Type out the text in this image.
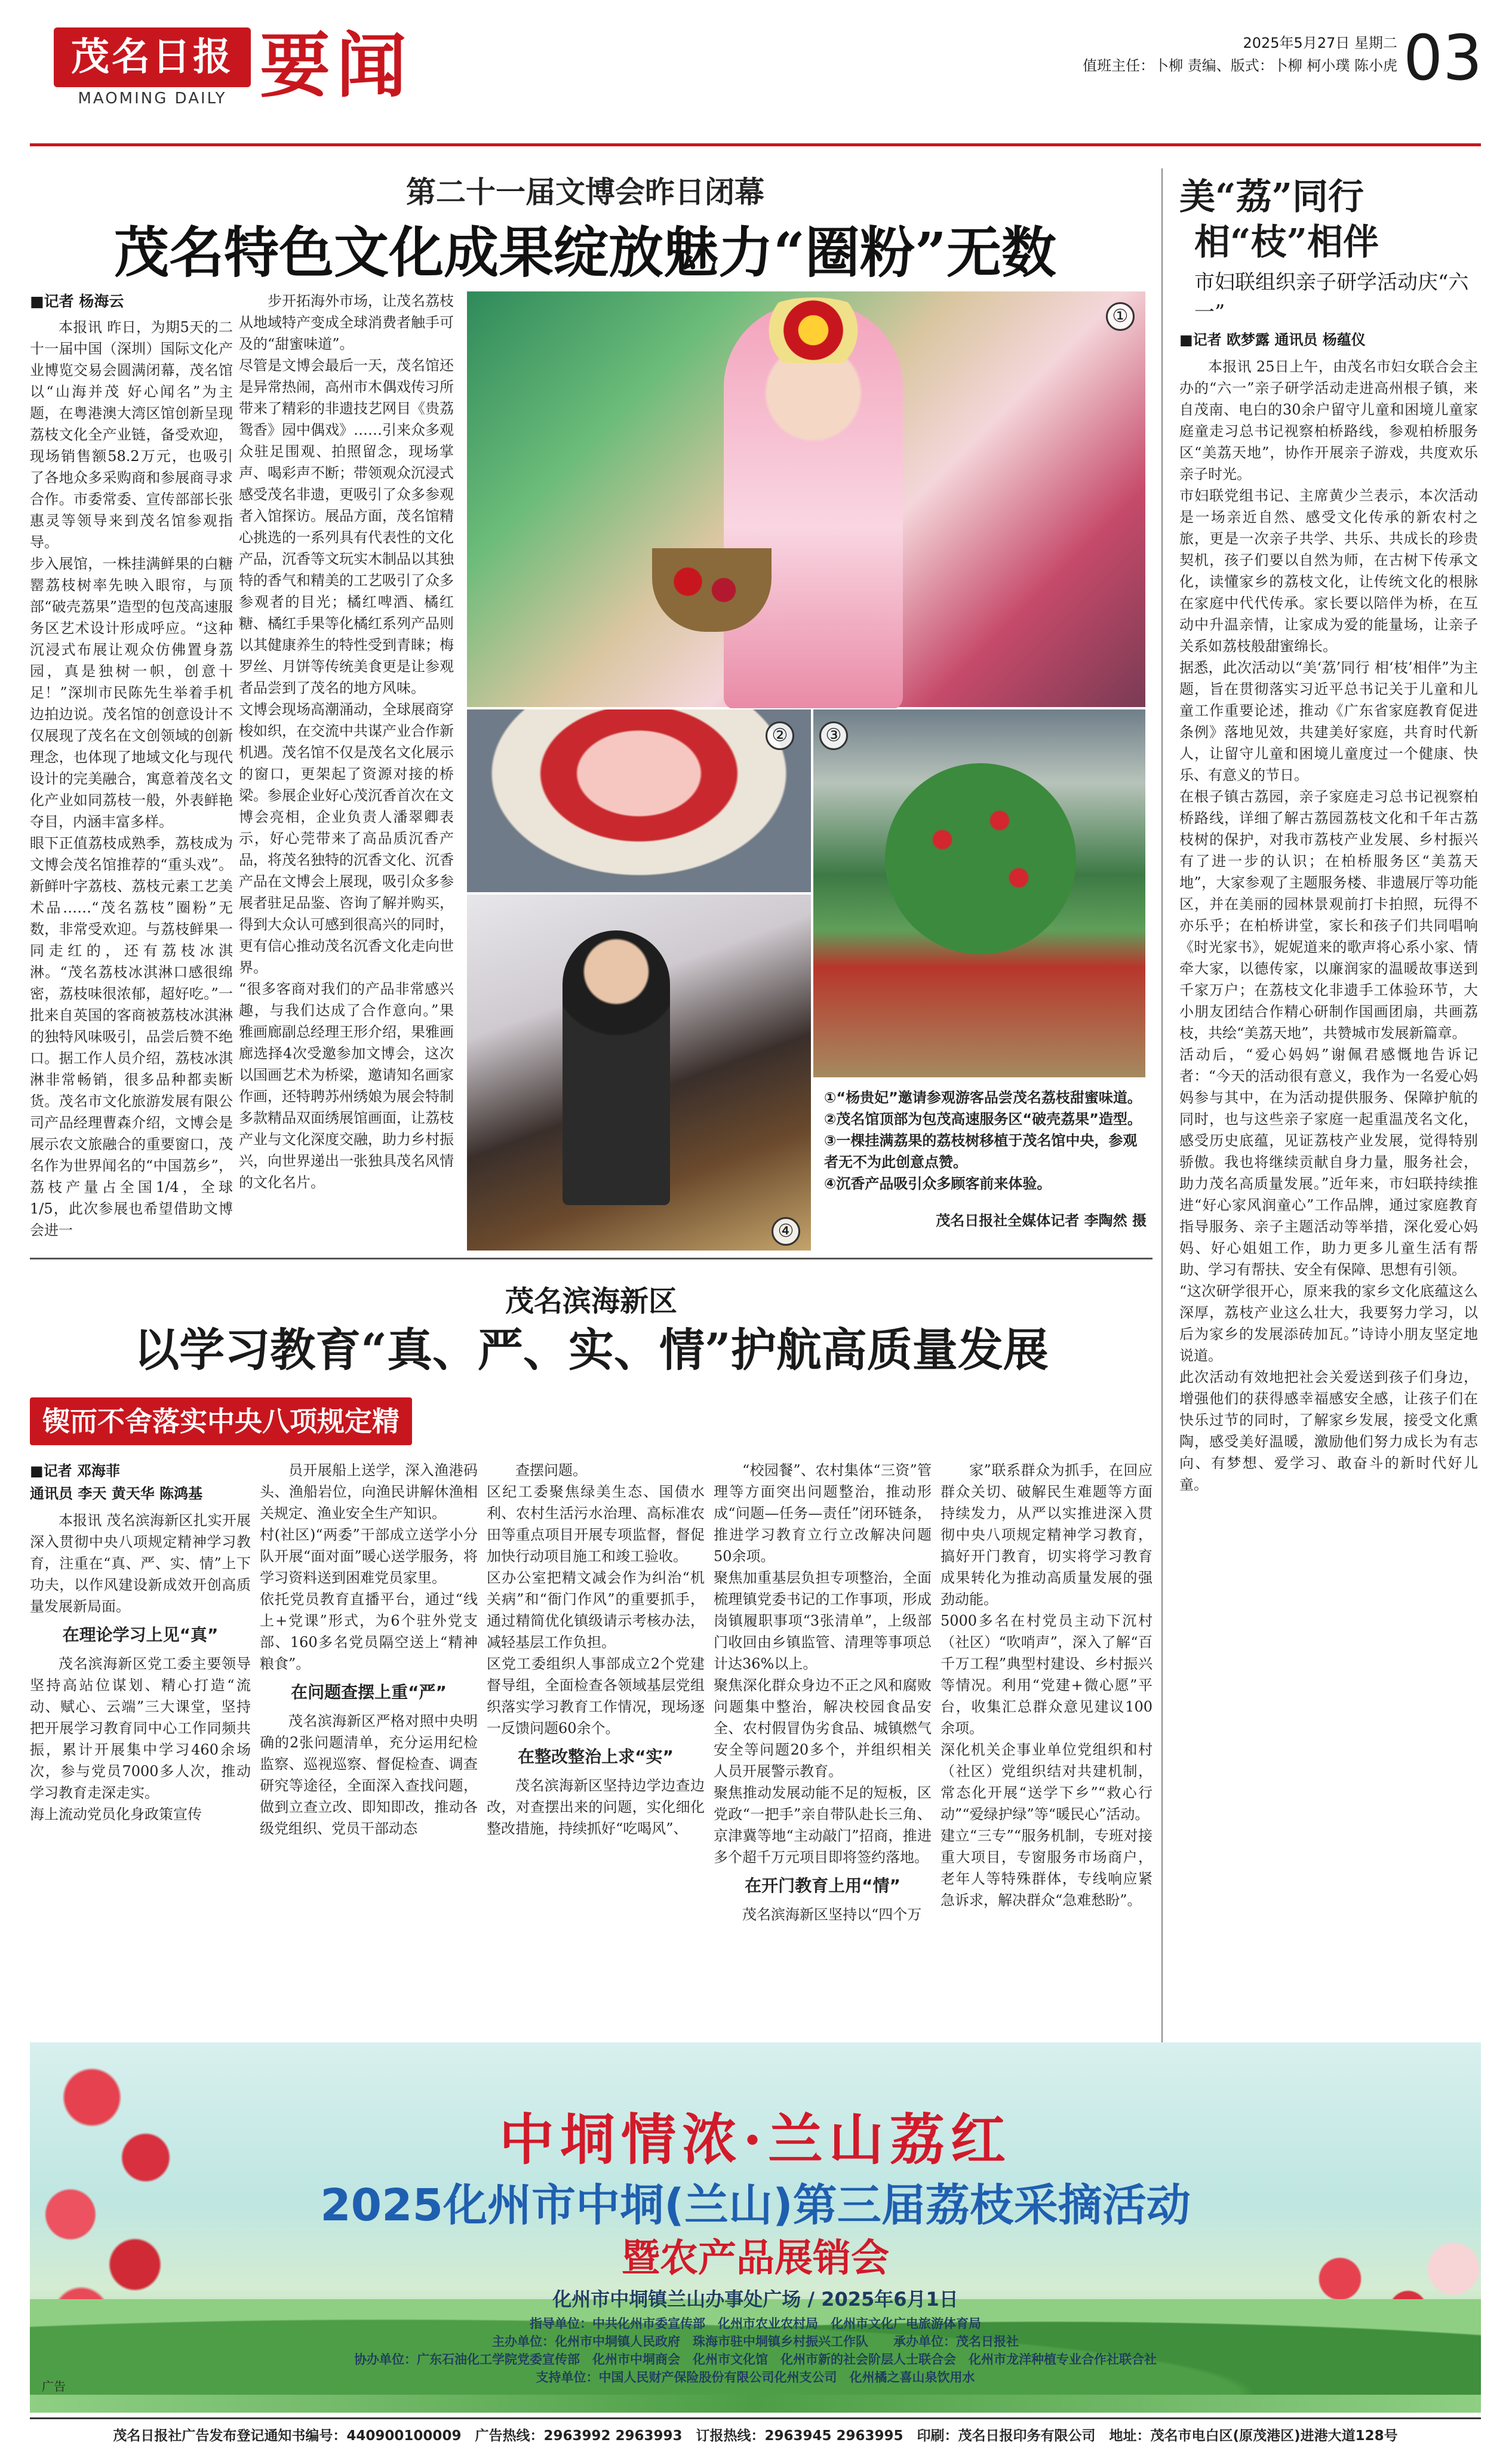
茂名日报
MAOMING DAILY 要闻	2025年5月27日 星期二
值班主任：卜柳 责编、版式：卜柳 柯小璞 陈小虎 03
第二十一届文博会昨日闭幕
茂名特色文化成果绽放魅力“圈粉”无数
■记者 杨海云
本报讯 昨日，为期5天的二十一届中国（深圳）国际文化产业博览交易会圆满闭幕，茂名馆以“山海并茂 好心闻名”为主题，在粤港澳大湾区馆创新呈现荔枝文化全产业链，备受欢迎，现场销售额58.2万元，也吸引了各地众多采购商和参展商寻求合作。市委常委、宣传部部长张惠灵等领导来到茂名馆参观指导。
步入展馆，一株挂满鲜果的白糖罂荔枝树率先映入眼帘，与顶部“破壳荔果”造型的包茂高速服务区艺术设计形成呼应。“这种沉浸式布展让观众仿佛置身荔园，真是独树一帜，创意十足！”深圳市民陈先生举着手机边拍边说。茂名馆的创意设计不仅展现了茂名在文创领域的创新理念，也体现了地域文化与现代设计的完美融合，寓意着茂名文化产业如同荔枝一般，外表鲜艳夺目，内涵丰富多样。
眼下正值荔枝成熟季，荔枝成为文博会茂名馆推荐的“重头戏”。新鲜叶字荔枝、荔枝元素工艺美术品……“茂名荔枝”圈粉”无数，非常受欢迎。与荔枝鲜果一同走红的，还有荔枝冰淇淋。“茂名荔枝冰淇淋口感很绵密，荔枝味很浓郁，超好吃。”一批来自英国的客商被荔枝冰淇淋的独特风味吸引，品尝后赞不绝口。据工作人员介绍，荔枝冰淇淋非常畅销，很多品种都卖断货。茂名市文化旅游发展有限公司产品经理曹森介绍，文博会是展示农文旅融合的重要窗口，茂名作为世界闻名的“中国荔乡”，荔枝产量占全国1/4，全球1/5，此次参展也希望借助文博会进一
步开拓海外市场，让茂名荔枝从地域特产变成全球消费者触手可及的“甜蜜味道”。
尽管是文博会最后一天，茂名馆还是异常热闹，高州市木偶戏传习所带来了精彩的非遗技艺网目《贵荔鸳香》园中偶戏》……引来众多观众驻足围观、拍照留念，现场掌声、喝彩声不断；带领观众沉浸式感受茂名非遗，更吸引了众多参观者入馆探访。展品方面，茂名馆精心挑选的一系列具有代表性的文化产品，沉香等文玩实木制品以其独特的香气和精美的工艺吸引了众多参观者的目光；橘红啤酒、橘红糖、橘红手果等化橘红系列产品则以其健康养生的特性受到青睐；梅罗丝、月饼等传统美食更是让参观者品尝到了茂名的地方风味。
文博会现场高潮涌动，全球展商穿梭如织，在交流中共谋产业合作新机遇。茂名馆不仅是茂名文化展示的窗口，更架起了资源对接的桥梁。参展企业好心茂沉香首次在文博会亮相，企业负责人潘翠卿表示，好心莞带来了高品质沉香产品，将茂名独特的沉香文化、沉香产品在文博会上展现，吸引众多参展者驻足品鉴、咨询了解并购买，得到大众认可感到很高兴的同时，更有信心推动茂名沉香文化走向世界。
“很多客商对我们的产品非常感兴趣，与我们达成了合作意向。”果雅画廊副总经理王形介绍，果雅画廊选择4次受邀参加文博会，这次以国画艺术为桥梁，邀请知名画家作画，还特聘苏州绣娘为展会特制多款精品双面绣展馆画面，让荔枝产业与文化深度交融，助力乡村振兴，向世界递出一张独具茂名风情的文化名片。
①
②	③
④
①“杨贵妃”邀请参观游客品尝茂名荔枝甜蜜味道。
②茂名馆顶部为包茂高速服务区“破壳荔果”造型。
③一棵挂满荔果的荔枝树移植于茂名馆中央，参观者无不为此创意点赞。
④沉香产品吸引众多顾客前来体验。
茂名日报社全媒体记者 李陶然 摄
美“荔”同行
相“枝”相伴
市妇联组织亲子研学活动庆“六一”
■记者 欧梦露 通讯员 杨蕴仪
本报讯 25日上午，由茂名市妇女联合会主办的“六一”亲子研学活动走进高州根子镇，来自茂南、电白的30余户留守儿童和困境儿童家庭童走习总书记视察柏桥路线，参观柏桥服务区“美荔天地”，协作开展亲子游戏，共度欢乐亲子时光。
市妇联党组书记、主席黄少兰表示，本次活动是一场亲近自然、感受文化传承的新农村之旅，更是一次亲子共学、共乐、共成长的珍贵契机，孩子们要以自然为师，在古树下传承文化，读懂家乡的荔枝文化，让传统文化的根脉在家庭中代代传承。家长要以陪伴为桥，在互动中升温亲情，让家成为爱的能量场，让亲子关系如荔枝般甜蜜绵长。
据悉，此次活动以“美‘荔’同行 相‘枝’相伴”为主题，旨在贯彻落实习近平总书记关于儿童和儿童工作重要论述，推动《广东省家庭教育促进条例》落地见效，共建美好家庭，共育时代新人，让留守儿童和困境儿童度过一个健康、快乐、有意义的节日。
在根子镇古荔园，亲子家庭走习总书记视察柏桥路线，详细了解古荔园荔枝文化和千年古荔枝树的保护，对我市荔枝产业发展、乡村振兴有了进一步的认识；在柏桥服务区“美荔天地”，大家参观了主题服务楼、非遗展厅等功能区，并在美丽的园林景观前打卡拍照，玩得不亦乐乎；在柏桥讲堂，家长和孩子们共同唱响《时光家书》，妮妮道来的歌声将心系小家、情牵大家，以德传家，以廉润家的温暖故事送到千家万户；在荔枝文化非遗手工体验环节，大小朋友团结合作精心研制作国画团扇，共画荔枝，共绘“美荔天地”，共赞城市发展新篇章。
活动后，“爱心妈妈”谢佩君感慨地告诉记者：“今天的活动很有意义，我作为一名爱心妈妈参与其中，在为活动提供服务、保障护航的同时，也与这些亲子家庭一起重温茂名文化，感受历史底蕴，见证荔枝产业发展，觉得特别骄傲。我也将继续贡献自身力量，服务社会，助力茂名高质量发展。”近年来，市妇联持续推进“好心家风润童心”工作品牌，通过家庭教育指导服务、亲子主题活动等举措，深化爱心妈妈、好心姐姐工作，助力更多儿童生活有帮助、学习有帮扶、安全有保障、思想有引领。
“这次研学很开心，原来我的家乡文化底蕴这么深厚，荔枝产业这么壮大，我要努力学习，以后为家乡的发展添砖加瓦。”诗诗小朋友坚定地说道。
此次活动有效地把社会关爱送到孩子们身边，增强他们的获得感幸福感安全感，让孩子们在快乐过节的同时，了解家乡发展，接受文化熏陶，感受美好温暖，激励他们努力成长为有志向、有梦想、爱学习、敢奋斗的新时代好儿童。
茂名滨海新区
以学习教育“真、严、实、情”护航高质量发展
锲而不舍落实中央八项规定精神
■记者 邓海菲
通讯员 李天 黄天华 陈鸿基
本报讯 茂名滨海新区扎实开展深入贯彻中央八项规定精神学习教育，注重在“真、严、实、情”上下功夫，以作风建设新成效开创高质量发展新局面。
在理论学习上见“真”
茂名滨海新区党工委主要领导坚持高站位谋划、精心打造“流动、赋心、云端”三大课堂，坚持把开展学习教育同中心工作同频共振，累计开展集中学习460余场次，参与党员7000多人次，推动学习教育走深走实。
海上流动党员化身政策宣传
员开展船上送学，深入渔港码头、渔船岩位，向渔民讲解休渔相关规定、渔业安全生产知识。
村(社区)“两委”干部成立送学小分队开展“面对面”暖心送学服务，将学习资料送到困难党员家里。
依托党员教育直播平台，通过“线上+党课”形式，为6个驻外党支部、160多名党员隔空送上“精神粮食”。
在问题查摆上重“严”
茂名滨海新区严格对照中央明确的2张问题清单，充分运用纪检监察、巡视巡察、督促检查、调查研究等途径，全面深入查找问题，做到立查立改、即知即改，推动各级党组织、党员干部动态
查摆问题。
区纪工委聚焦绿美生态、国债水利、农村生活污水治理、高标准农田等重点项目开展专项监督，督促加快行动项目施工和竣工验收。
区办公室把精文减会作为纠治“机关病”和“衙门作风”的重要抓手，通过精简优化镇级请示考核办法，减轻基层工作负担。
区党工委组织人事部成立2个党建督导组，全面检查各领域基层党组织落实学习教育工作情况，现场逐一反馈问题60余个。
在整改整治上求“实”
茂名滨海新区坚持边学边查边改，对查摆出来的问题，实化细化整改措施，持续抓好“吃喝风”、
“校园餐”、农村集体“三资”管理等方面突出问题整治，推动形成“问题—任务—责任”闭环链条，推进学习教育立行立改解决问题50余项。
聚焦加重基层负担专项整治，全面梳理镇党委书记的工作事项，形成岗镇履职事项“3张清单”，上级部门收回由乡镇监管、清理等事项总计达36%以上。
聚焦深化群众身边不正之风和腐败问题集中整治，解决校园食品安全、农村假冒伪劣食品、城镇燃气安全等问题20多个，并组织相关人员开展警示教育。
聚焦推动发展动能不足的短板，区党政“一把手”亲自带队赴长三角、京津冀等地“主动敲门”招商，推进多个超千万元项目即将签约落地。
在开门教育上用“情”
茂名滨海新区坚持以“四个万
家”联系群众为抓手，在回应群众关切、破解民生难题等方面持续发力，从严以实推进深入贯彻中央八项规定精神学习教育，搞好开门教育，切实将学习教育成果转化为推动高质量发展的强劲动能。
5000多名在村党员主动下沉村（社区）“吹哨声”，深入了解“百千万工程”典型村建设、乡村振兴等情况。利用“党建+微心愿”平台，收集汇总群众意见建议100余项。
深化机关企事业单位党组织和村（社区）党组织结对共建机制，常态化开展“送学下乡”“救心行动”“爱绿护绿”等“暖民心”活动。
建立“三专”“服务机制，专班对接重大项目，专窗服务市场商户，老年人等特殊群体，专线响应紧急诉求，解决群众“急难愁盼”。
中垌情浓·兰山荔红
2025化州市中垌(兰山)第三届荔枝采摘活动
暨农产品展销会
茂名日报社广告发布登记通知书编号：440900100009　广告热线：2963992 2963993　订报热线：2963945 2963995　印刷：茂名日报印务有限公司　地址：茂名市电白区(原茂港区)进港大道128号
化州市中垌镇兰山办事处广场 / 2025年6月1日
指导单位：中共化州市委宣传部　化州市农业农村局　化州市文化广电旅游体育局
主办单位：化州市中垌镇人民政府　珠海市驻中垌镇乡村振兴工作队　　承办单位：茂名日报社
协办单位：广东石油化工学院党委宣传部　化州市中垌商会　化州市文化馆　化州市新的社会阶层人士联合会　化州市龙洋种植专业合作社联合社
支持单位：中国人民财产保险股份有限公司化州支公司　化州橘之喜山泉饮用水
广告
